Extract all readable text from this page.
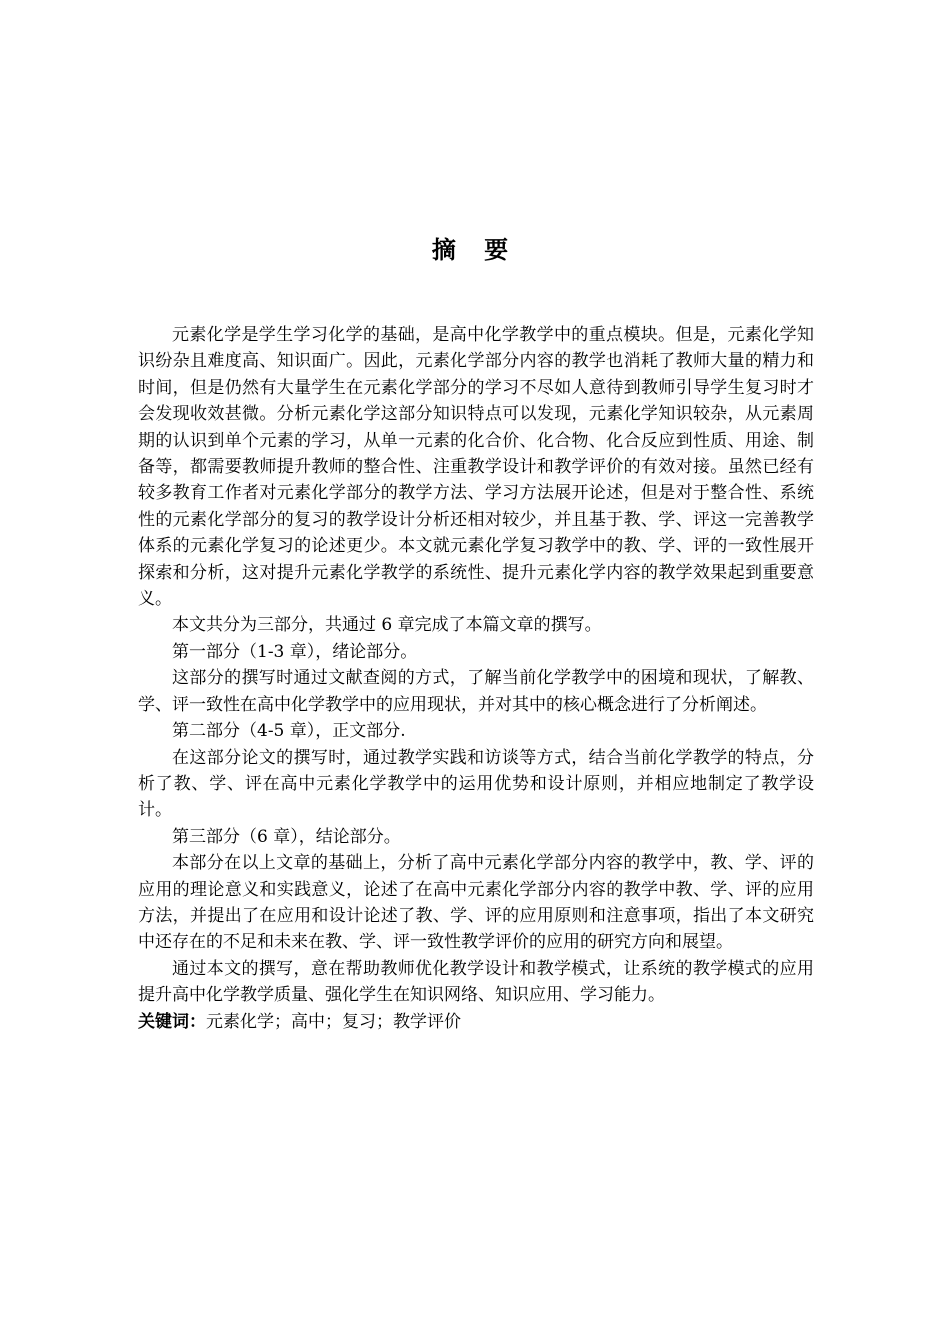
摘 要

元素化学是学生学习化学的基础，是高中化学教学中的重点模块。但是，元素化学知识纷杂且难度高、知识面广。因此，元素化学部分内容的教学也消耗了教师大量的精力和时间，但是仍然有大量学生在元素化学部分的学习不尽如人意待到教师引导学生复习时才会发现收效甚微。分析元素化学这部分知识特点可以发现，元素化学知识较杂，从元素周期的认识到单个元素的学习，从单一元素的化合价、化合物、化合反应到性质、用途、制备等，都需要教师提升教师的整合性、注重教学设计和教学评价的有效对接。虽然已经有较多教育工作者对元素化学部分的教学方法、学习方法展开论述，但是对于整合性、系统性的元素化学部分的复习的教学设计分析还相对较少，并且基于教、学、评这一完善教学体系的元素化学复习的论述更少。本文就元素化学复习教学中的教、学、评的一致性展开探索和分析，这对提升元素化学教学的系统性、提升元素化学内容的教学效果起到重要意义。

本文共分为三部分，共通过 6 章完成了本篇文章的撰写。

第一部分（1-3 章），绪论部分。

这部分的撰写时通过文献查阅的方式，了解当前化学教学中的困境和现状，了解教、学、评一致性在高中化学教学中的应用现状，并对其中的核心概念进行了分析阐述。

第二部分（4-5 章），正文部分.

在这部分论文的撰写时，通过教学实践和访谈等方式，结合当前化学教学的特点，分析了教、学、评在高中元素化学教学中的运用优势和设计原则，并相应地制定了教学设计。

第三部分（6 章），结论部分。

本部分在以上文章的基础上，分析了高中元素化学部分内容的教学中，教、学、评的应用的理论意义和实践意义，论述了在高中元素化学部分内容的教学中教、学、评的应用方法，并提出了在应用和设计论述了教、学、评的应用原则和注意事项，指出了本文研究中还存在的不足和未来在教、学、评一致性教学评价的应用的研究方向和展望。

通过本文的撰写，意在帮助教师优化教学设计和教学模式，让系统的教学模式的应用提升高中化学教学质量、强化学生在知识网络、知识应用、学习能力。

关键词：元素化学；高中；复习；教学评价
